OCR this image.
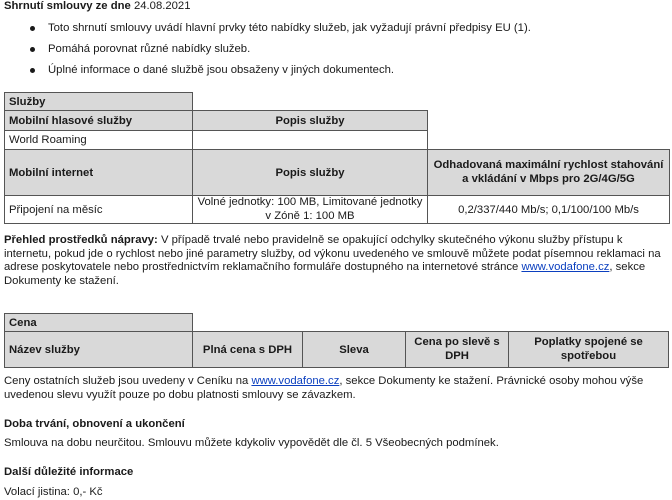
Shrnutí smlouvy ze dne 24.08.2021
Toto shrnutí smlouvy uvádí hlavní prvky této nabídky služeb, jak vyžadují právní předpisy EU (1).
Pomáhá porovnat různé nabídky služeb.
Úplné informace o dané službě jsou obsaženy v jiných dokumentech.
Služby		
Mobilní hlasové služby	Popis služby	
World Roaming		
Mobilní internet	Popis služby	Odhadovaná maximální rychlost stahování a vkládání v Mbps pro 2G/4G/5G
Připojení na měsíc	Volné jednotky: 100 MB, Limitované jednotky v Zóně 1: 100 MB	0,2/337/440 Mb/s; 0,1/100/100 Mb/s
Přehled prostředků nápravy: V případě trvalé nebo pravidelně se opakující odchylky skutečného výkonu služby přístupu k internetu, pokud jde o rychlost nebo jiné parametry služby, od výkonu uvedeného ve smlouvě můžete podat písemnou reklamaci na adrese poskytovatele nebo prostřednictvím reklamačního formuláře dostupného na internetové stránce www.vodafone.cz, sekce Dokumenty ke stažení.
Cena				
Název služby	Plná cena s DPH	Sleva	Cena po slevě s DPH	Poplatky spojené se spotřebou
Ceny ostatních služeb jsou uvedeny v Ceníku na www.vodafone.cz, sekce Dokumenty ke stažení. Právnické osoby mohou výše uvedenou slevu využít pouze po dobu platnosti smlouvy se závazkem.
Doba trvání, obnovení a ukončení
Smlouva na dobu neurčitou. Smlouvu můžete kdykoliv vypovědět dle čl. 5 Všeobecných podmínek.
Další důležité informace
Volací jistina: 0,- Kč
